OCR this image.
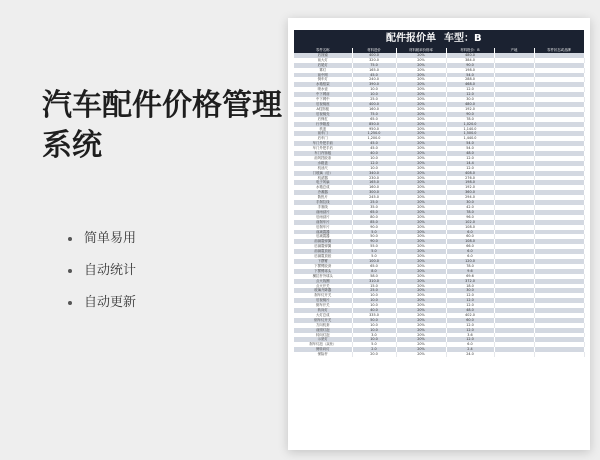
汽车配件价格管理系统
简单易用
自动统计
自动更新
配件报价单 车型：B
零件名称	材料进价	材料税率价格率	材料报价：B	产地	零件状态或品牌
后视镜	400.0	20%	480.0		
前大灯	320.0	20%	384.0		
后尾灯	75.0	20%	90.0		
雾灯	165.0	20%	198.0		
前中网	45.0	20%	54.0		
倒车灯	240.0	20%	288.0		
水箱框架	390.0	20%	468.0		
喷水壶	10.0	20%	12.0		
中下网前	10.0	20%	12.0		
中下网中	25.0	20%	30.0		
后视镜座	400.0	20%	480.0		
A柱饰板	160.0	20%	192.0		
后视镜壳	75.0	20%	90.0		
后保杠	65.0	20%	78.0		
行李箱盖	850.0	20%	1,020.0		
机盖	950.0	20%	1,140.0		
前车门	1,250.0	20%	1,500.0		
后车门	1,200.0	20%	1,440.0		
车门外把手前	45.0	20%	54.0		
车门外把手后	45.0	20%	54.0		
车门内饰板	40.0	20%	48.0		
前风挡胶条	10.0	20%	12.0		
水箱盖	12.0	20%	14.4		
机油尺	10.0	20%	12.0		
门玻璃（后）	340.0	20%	408.0		
机滤器	230.0	20%	276.0		
电子风扇	165.0	20%	198.0		
水箱总成	160.0	20%	192.0		
冷凝器	300.0	20%	360.0		
散热片	245.0	20%	294.0		
手刹拉线	25.0	20%	30.0		
手刹线	35.0	20%	42.0		
前雨刮片	65.0	20%	78.0		
后雨刮片	80.0	20%	96.0		
前刹车片	85.0	20%	102.0		
后刹车片	90.0	20%	108.0		
前减震器	5.0	20%	6.0		
后减震器	50.0	20%	60.0		
前减震弹簧	90.0	20%	108.0		
后减震弹簧	55.0	20%	66.0		
前减震顶胶	5.0	20%	6.0		
后减震顶胶	5.0	20%	6.0		
下摆臂	100.0	20%	120.0		
下摆臂胶套	65.0	20%	78.0		
下摆臂球头	8.0	20%	9.6		
横拉杆外球头	58.0	20%	69.6		
点火线圈	310.0	20%	372.0		
点火开关	15.0	20%	18.0		
玻璃升降器	25.0	20%	30.0		
刹车灯开关	10.0	20%	12.0		
后视镜片	10.0	20%	12.0		
倒车开关	10.0	20%	12.0		
转向灯	40.0	20%	48.0		
大灯总成	335.0	20%	402.0		
倒车灯开关	50.0	20%	60.0		
方向机套	10.0	20%	12.0		
前照灯泡	10.0	20%	12.0		
转向灯泡	3.0	20%	3.6		
示宽灯	10.0	20%	12.0		
刹车灯泡（双丝）	5.0	20%	6.0		
侧转向灯	2.0	20%	2.4		
保险杆	20.0	20%	24.0		
